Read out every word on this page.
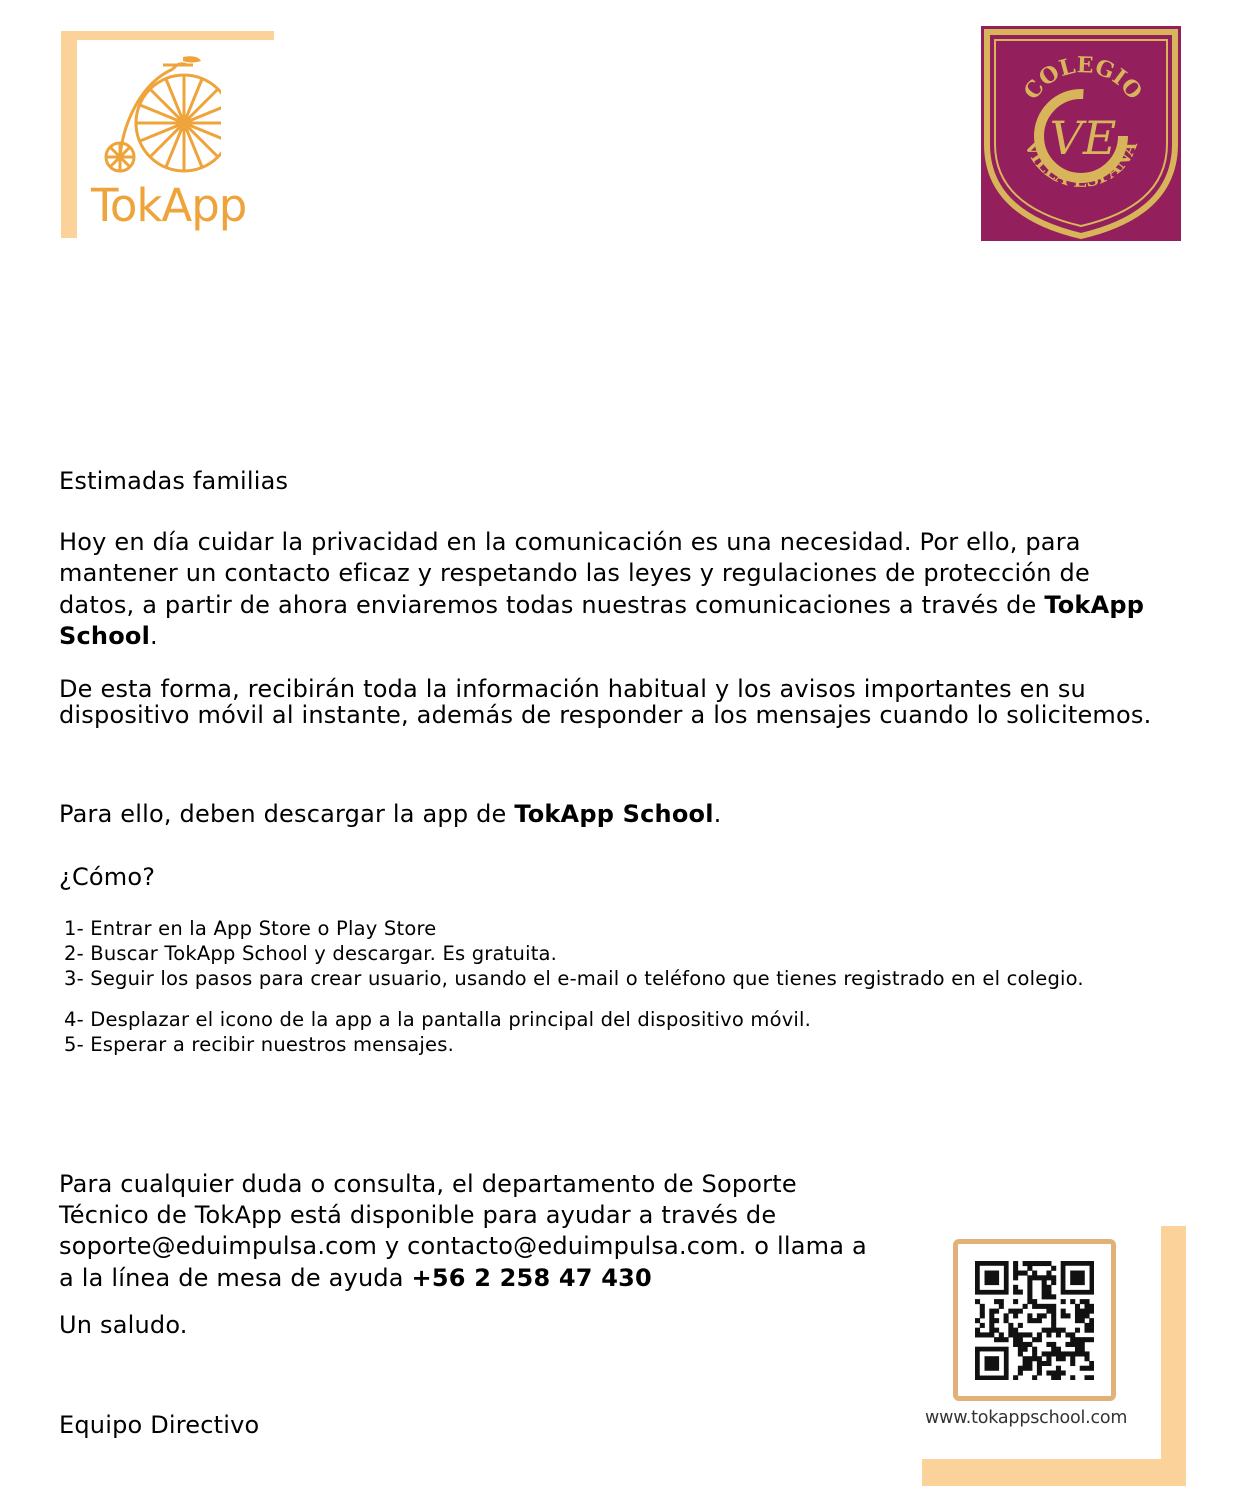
TokApp
COLEGIO
VE
VILLA ESPAÑA
Estimadas familias
Hoy en día cuidar la privacidad en la comunicación es una necesidad. Por ello, para
mantener un contacto eficaz y respetando las leyes y regulaciones de protección de
datos, a partir de ahora enviaremos todas nuestras comunicaciones a través de TokApp
School.
De esta forma, recibirán toda la información habitual y los avisos importantes en su
dispositivo móvil al instante, además de responder a los mensajes cuando lo solicitemos.
Para ello, deben descargar la app de TokApp School.
¿Cómo?
1- Entrar en la App Store o Play Store
2- Buscar TokApp School y descargar. Es gratuita.
3- Seguir los pasos para crear usuario, usando el e-mail o teléfono que tienes registrado en el colegio.
4- Desplazar el icono de la app a la pantalla principal del dispositivo móvil.
5- Esperar a recibir nuestros mensajes.
Para cualquier duda o consulta, el departamento de Soporte
Técnico de TokApp está disponible para ayudar a través de
soporte@eduimpulsa.com y contacto@eduimpulsa.com. o llama a
a la línea de mesa de ayuda +56 2 258 47 430
Un saludo.
Equipo Directivo	www.tokappschool.com
